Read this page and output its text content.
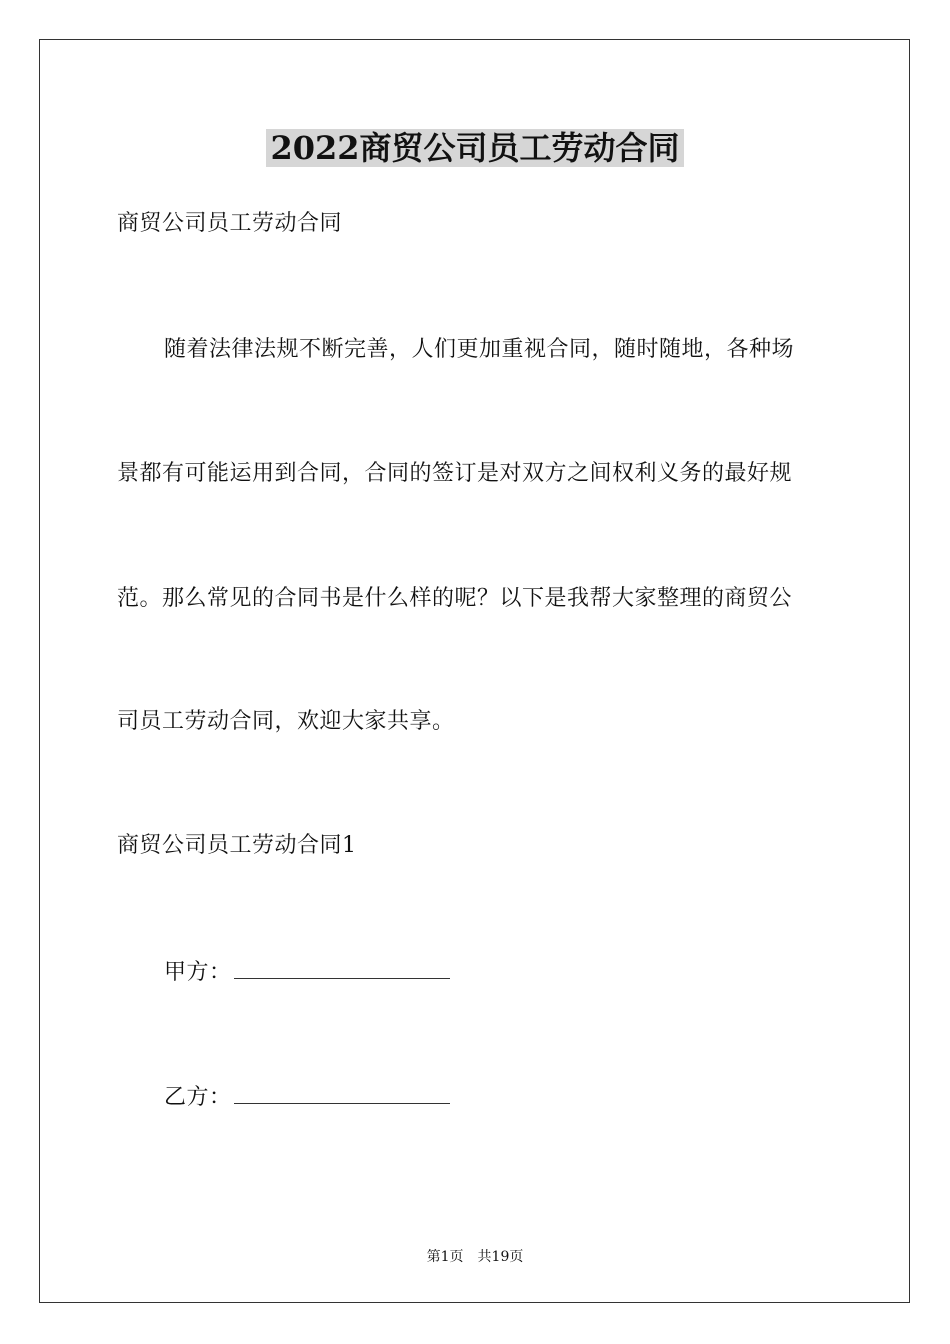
2022商贸公司员工劳动合同
商贸公司员工劳动合同
随着法律法规不断完善，人们更加重视合同，随时随地，各种场
景都有可能运用到合同，合同的签订是对双方之间权利义务的最好规
范。那么常见的合同书是什么样的呢？以下是我帮大家整理的商贸公
司员工劳动合同，欢迎大家共享。
商贸公司员工劳动合同1
甲方：
乙方：
第1页　共19页
